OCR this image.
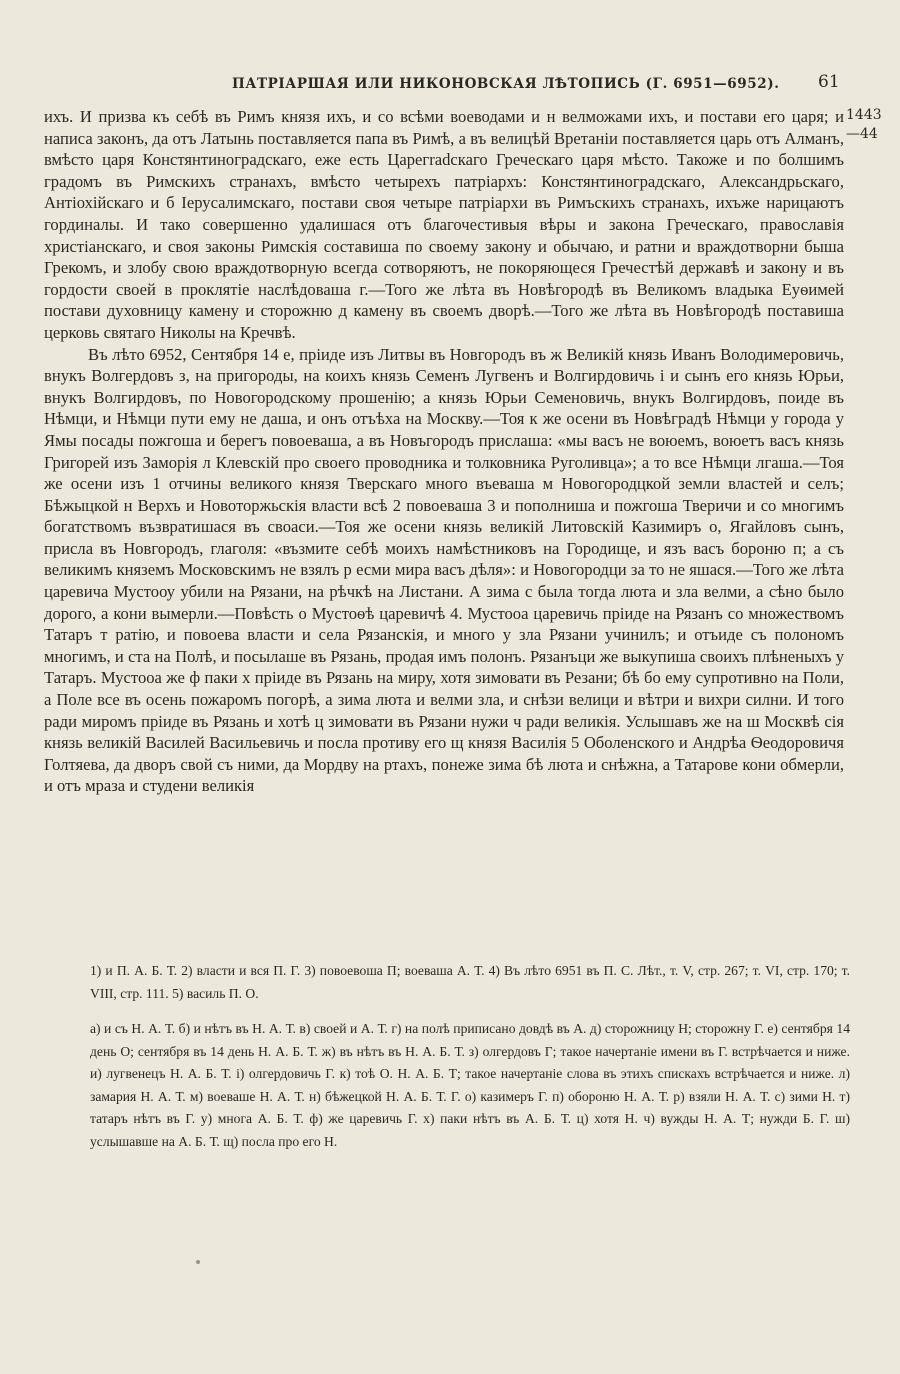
ПАТРІАРШАЯ ИЛИ НИКОНОВСКАЯ ЛѢТОПИСЬ (Г. 6951—6952). 61
1443 —44

ихъ. И призва къ себѣ въ Римъ князя ихъ, и со всѣми воеводами и н велможами ихъ, и постави его царя; и написа законъ, да отъ Латынь поставляется папа въ Римѣ, а въ велицѣй Вретаніи поставляется царь отъ Алманъ, вмѣсто царя Констянтиноградскаго, еже есть Царегradскаго Греческаго царя мѣсто. Такоже и по болшимъ градомъ въ Римскихъ странахъ, вмѣсто четырехъ патріархъ: Констянтиноградскаго, Александрьскаго, Антіохійскаго и б Іерусалимскаго, постави своя четыре патріархи въ Римъскихъ странахъ, ихъже нарицаютъ гординалы. И тако совершенно удалишася отъ благочестивыя вѣры и закона Греческаго, православія христіанскаго, и своя законы Римскія составиша по своему закону и обычаю, и ратни и враждотворни быша Грекомъ, и злобу свою враждотворную всегда сотворяютъ, не покоряющеся Гречестѣй державѣ и закону и въ гордости своей в проклятіе наслѣдоваша г.—Того же лѣта въ Новѣгородѣ въ Великомъ владыка Еуѳимей постави духовницу камену и сторожню д камену въ своемъ дворѣ.—Того же лѣта въ Новѣгородѣ поставиша церковь святаго Николы на Кречвѣ.

Въ лѣто 6952, Сентября 14 е, пріиде изъ Литвы въ Новгородъ въ ж Великій князь Иванъ Володимеровичь, внукъ Волгердовъ з, на пригороды, на коихъ князь Семенъ Лугвенъ и Волгирдовичь і и сынъ его князь Юрьи, внукъ Волгирдовъ, по Новогородскому прошенію; а князь Юрьи Семеновичь, внукъ Волгирдовъ, поиде въ Нѣмци, и Нѣмци пути ему не даша, и онъ отъѣха на Москву.—Тоя к же осени въ Новѣградѣ Нѣмци у города у Ямы посады пожгоша и берегъ повоеваша, а въ Новъгородъ прислаша: «мы васъ не воюемъ, воюетъ васъ князь Григорей изъ Заморія л Клевскій про своего проводника и толковника Руголивца»; а то все Нѣмци лгаша.—Тоя же осени изъ 1 отчины великого князя Тверскаго много въеваша м Новогородцкой земли властей и селъ; Бѣжыцкой н Верхъ и Новоторжьскія власти всѣ 2 повоеваша 3 и пополниша и пожгоша Тверичи и со многимъ богатствомъ възвратишася въ своаси.—Тоя же осени князь великій Литовскій Казимиръ о, Ягайловъ сынъ, присла въ Новгородъ, глаголя: «възмите себѣ моихъ намѣстниковъ на Городище, и язъ васъ бороню п; а съ великимъ княземъ Московскимъ не взялъ р есми мира васъ дѣля»: и Новогородци за то не яшася.—Того же лѣта царевича Мустооу убили на Рязани, на рѣчкѣ на Листани. А зима с была тогда люта и зла велми, а сѣно было дорого, а кони вымерли.—Повѣсть о Мустоѳѣ царевичѣ 4. Мустооа царевичь пріиде на Рязанъ со множествомъ Татаръ т ратію, и повоева власти и села Рязанскія, и много у зла Рязани учинилъ; и отъиде съ полономъ многимъ, и ста на Полѣ, и посылаше въ Рязань, продая имъ полонъ. Рязанъци же выкупиша своихъ плѣненыхъ у Татаръ. Мустооа же ф паки х пріиде въ Рязань на миру, хотя зимовати въ Резани; бѣ бо ему супротивно на Поли, а Поле все въ осень пожаромъ погорѣ, а зима люта и велми зла, и снѣзи велици и вѣтри и вихри силни. И того ради миромъ пріиде въ Рязань и хотѣ ц зимовати въ Рязани нужи ч ради великія. Услышавъ же на ш Москвѣ сія князь великій Василей Васильевичь и посла противу его щ князя Василія 5 Оболенского и Андрѣа Ѳеодоровичя Голтяева, да дворъ свой съ ними, да Мордву на ртахъ, понеже зима бѣ люта и снѣжна, а Татарове кони обмерли, и отъ мраза и студени великія

1) и П. А. Б. Т. 2) власти и вся П. Г. 3) повоевоша П; воеваша А. Т. 4) Въ лѣто 6951 въ П. С. Лѣт., т. V, стр. 267; т. VI, стр. 170; т. VIII, стр. 111. 5) василь П. О.

а) и съ Н. А. Т. б) и нѣтъ въ Н. А. Т. в) своей и А. Т. г) на полѣ приписано довдѣ въ А. д) сторожницу Н; сторожну Г. е) сентября 14 день О; сентября въ 14 день Н. А. Б. Т. ж) въ нѣтъ въ Н. А. Б. Т. з) олгердовъ Г; такое начертаніе имени въ Г. встрѣчается и ниже. и) лугвенецъ Н. А. Б. Т. і) олгердовичь Г. к) тоѣ О. Н. А. Б. Т; такое начертаніе слова въ этихъ спискахъ встрѣчается и ниже. л) замария Н. А. Т. м) воеваше Н. А. Т. н) бѣжецкой Н. А. Б. Т. Г. о) казимеръ Г. п) обороню Н. А. Т. р) взяли Н. А. Т. с) зими Н. т) татаръ нѣтъ въ Г. у) многа А. Б. Т. ф) же царевичь Г. х) паки нѣтъ въ А. Б. Т. ц) хотя Н. ч) вужды Н. А. Т; нужди Б. Г. ш) услышавше на А. Б. Т. щ) посла про его Н.
